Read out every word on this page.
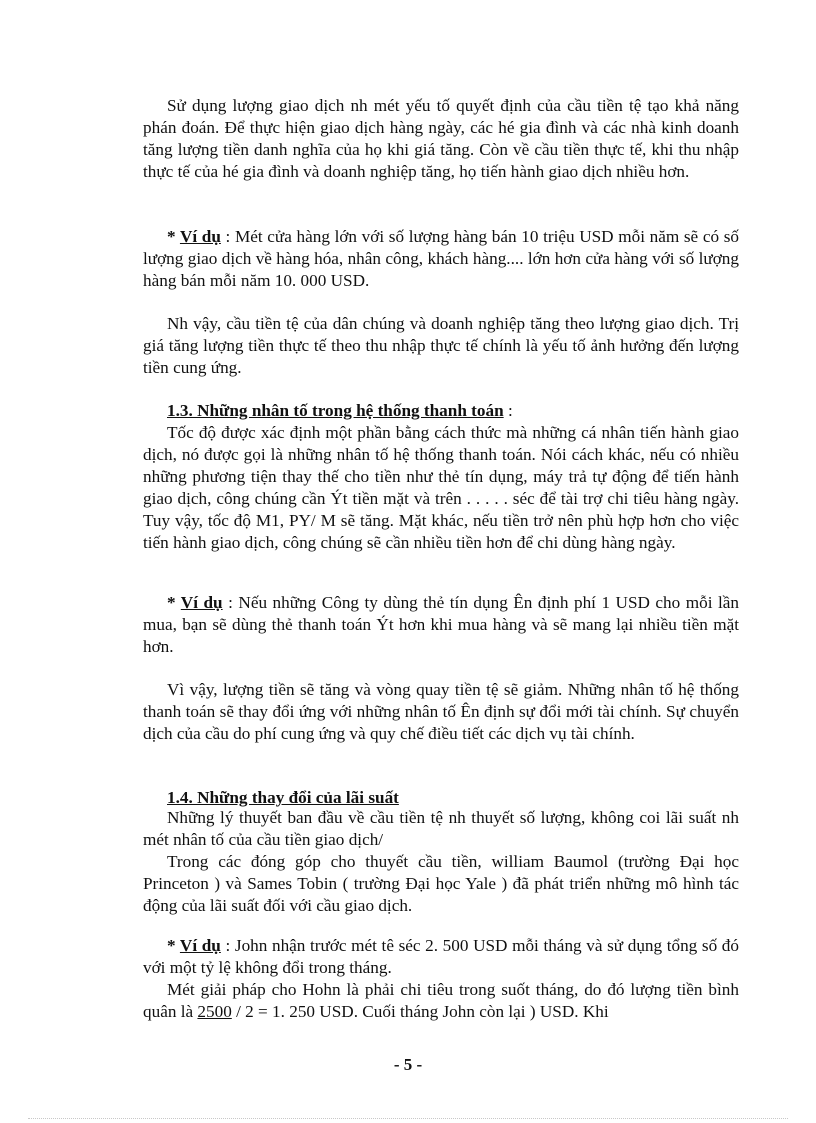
Sử dụng lượng giao dịch nh mét yếu tố quyết định của cầu tiền tệ tạo khả năng phán đoán. Để thực hiện giao dịch hàng ngày, các hé gia đình và các nhà kinh doanh tăng lượng tiền danh nghĩa của họ khi giá tăng. Còn về cầu tiền thực tế, khi thu nhập thực tế của hé gia đình và doanh nghiệp tăng, họ tiến hành giao dịch nhiều hơn.

* Ví dụ : Mét cửa hàng lớn với số lượng hàng bán 10 triệu USD mỗi năm sẽ có số lượng giao dịch về hàng hóa, nhân công, khách hàng.... lớn hơn cửa hàng với số lượng hàng bán mỗi năm 10. 000 USD.

Nh vậy, cầu tiền tệ của dân chúng và doanh nghiệp tăng theo lượng giao dịch. Trị giá tăng lượng tiền thực tế theo thu nhập thực tế chính là yếu tố ảnh hưởng đến lượng tiền cung ứng.

1.3. Những nhân tố trong hệ thống thanh toán :

Tốc độ được xác định một phần bằng cách thức mà những cá nhân tiến hành giao dịch, nó được gọi là những nhân tố hệ thống thanh toán. Nói cách khác, nếu có nhiều những phương tiện thay thế cho tiền như thẻ tín dụng, máy trả tự động để tiến hành giao dịch, công chúng cần Ýt tiền mặt và trên . . . . . séc để tài trợ chi tiêu hàng ngày. Tuy vậy, tốc độ M1, PY/ M sẽ tăng. Mặt khác, nếu tiền trở nên phù hợp hơn cho việc tiến hành giao dịch, công chúng sẽ cần nhiều tiền hơn để chi dùng hàng ngày.

* Ví dụ : Nếu những Công ty dùng thẻ tín dụng Ên định phí 1 USD cho mỗi lần mua, bạn sẽ dùng thẻ thanh toán Ýt hơn khi mua hàng và sẽ mang lại nhiều tiền mặt hơn.

Vì vậy, lượng tiền sẽ tăng và vòng quay tiền tệ sẽ giảm. Những nhân tố hệ thống thanh toán sẽ thay đổi ứng với những nhân tố Ên định sự đổi mới tài chính. Sự chuyển dịch của cầu do phí cung ứng và quy chế điều tiết các dịch vụ tài chính.

1.4. Những thay đổi của lãi suất

Những lý thuyết ban đầu về cầu tiền tệ nh thuyết số lượng, không coi lãi suất nh mét nhân tố của cầu tiền giao dịch/

Trong các đóng góp cho thuyết cầu tiền, william Baumol (trường Đại học Princeton ) và Sames Tobin ( trường Đại học Yale ) đã phát triển những mô hình tác động của lãi suất đối với cầu giao dịch.

* Ví dụ : John nhận trước mét tê séc 2. 500 USD mỗi tháng và sử dụng tổng số đó với một tỷ lệ không đổi trong tháng.

Mét giải pháp cho Hohn là phải chi tiêu trong suốt tháng, do đó lượng tiền bình quân là 2500 / 2 = 1. 250 USD. Cuối tháng John còn lại ) USD. Khi

- 5 -
